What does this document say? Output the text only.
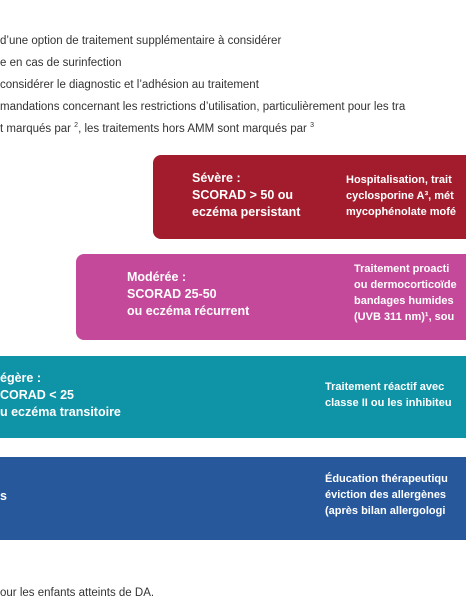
d’une option de traitement supplémentaire à considérer
e en cas de surinfection
considérer le diagnostic et l’adhésion au traitement
mandations concernant les restrictions d’utilisation, particulièrement pour les tra
t marqués par $^2$, les traitements hors AMM sont marqués par $^3$
Sévère :
SCORAD > 50 ou
eczéma persistant
Hospitalisation, trait
cyclosporine A³, mét
mycophénolate mofé
Modérée :
SCORAD 25-50
ou eczéma récurrent
Traitement proacti
ou dermocorticoïde
bandages humides
(UVB 311 nm)¹, sou
égère :
CORAD < 25
u eczéma transitoire
Traitement réactif avec
classe II ou les inhibiteu
s
Éducation thérapeutiqu
éviction des allergènes
(après bilan allergologi
our les enfants atteints de DA.
